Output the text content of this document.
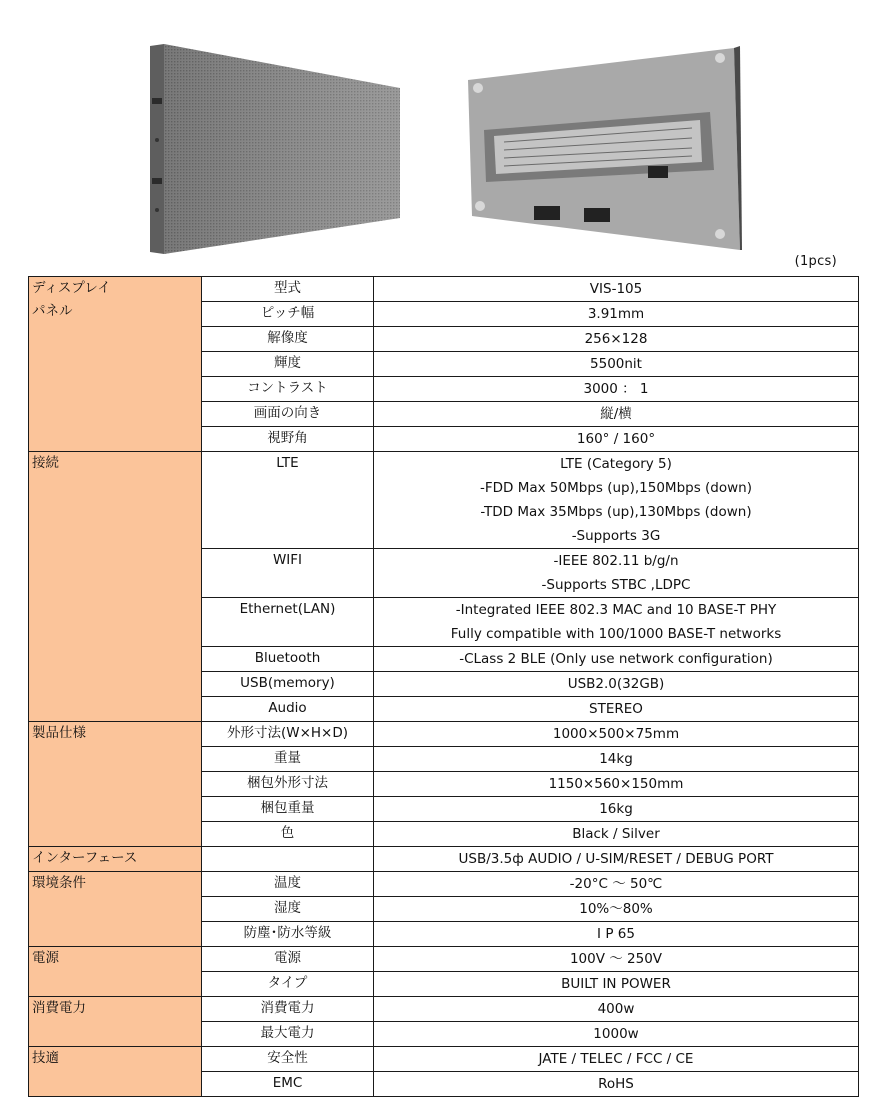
(1pcs)
ディスプレイ
パネル	型式	VIS-105

	ピッチ幅	3.91mm

	解像度	256×128

	輝度	5500nit

	コントラスト	3000 ： 1

	画面の向き	縦/横

	視野角	160° / 160°

接続	LTE	LTE (Category 5)
-FDD Max 50Mbps (up),150Mbps (down)
-TDD Max 35Mbps (up),130Mbps (down)
-Supports 3G

	WIFI	-IEEE 802.11 b/g/n
-Supports STBC ,LDPC

	Ethernet(LAN)	-Integrated IEEE 802.3 MAC and 10 BASE-T PHY
Fully compatible with 100/1000 BASE-T networks

	Bluetooth	-CLass 2 BLE (Only use network configuration)

	USB(memory)	USB2.0(32GB)

	Audio	STEREO

製品仕様	外形寸法(W×H×D)	1000×500×75mm

	重量	14kg

	梱包外形寸法	1150×560×150mm

	梱包重量	16kg

	色	Black / Silver

インターフェース		USB/3.5ф AUDIO / U-SIM/RESET / DEBUG PORT

環境条件	温度	-20°C ～ 50℃

	湿度	10%～80%

	防塵･防水等級	I P 65

電源	電源	100V ～ 250V

	タイプ	BUILT IN POWER

消費電力	消費電力	400w

	最大電力	1000w

技適	安全性	JATE / TELEC / FCC / CE

	EMC	RoHS
